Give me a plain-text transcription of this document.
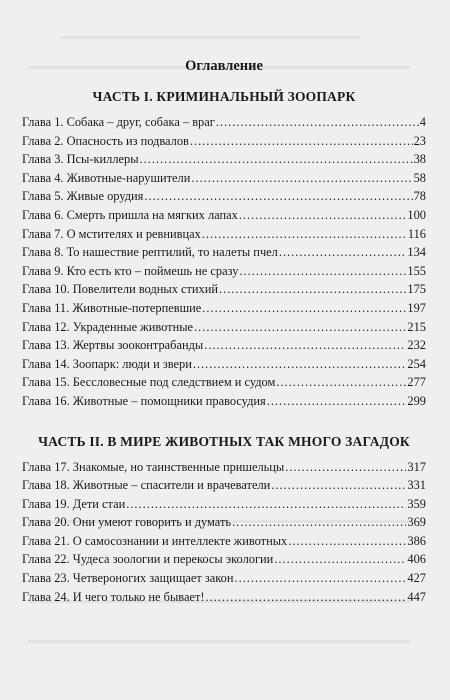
Оглавление
ЧАСТЬ I. КРИМИНАЛЬНЫЙ ЗООПАРК
Глава 1. Собака – друг, собака – враг .....	4
Глава 2. Опасность из подвалов .....	23
Глава 3. Псы-киллеры .....	38
Глава 4. Животные-нарушители .....	58
Глава 5. Живые орудия .....	78
Глава 6. Смерть пришла на мягких лапах .....	100
Глава 7. О мстителях и ревнивцах .....	116
Глава 8. То нашествие рептилий, то налеты пчел .....	134
Глава 9. Кто есть кто – поймешь не сразу .....	155
Глава 10. Повелители водных стихий .....	175
Глава 11. Животные-потерпевшие .....	197
Глава 12. Украденные животные .....	215
Глава 13. Жертвы зооконтрабанды .....	232
Глава 14. Зоопарк: люди и звери .....	254
Глава 15. Бессловесные под следствием и судом .....	277
Глава 16. Животные – помощники правосудия .....	299
ЧАСТЬ II. В МИРЕ ЖИВОТНЫХ ТАК МНОГО ЗАГАДОК
Глава 17. Знакомые, но таинственные пришельцы .....	317
Глава 18. Животные – спасители и врачеватели .....	331
Глава 19. Дети стаи .....	359
Глава 20. Они умеют говорить и думать .....	369
Глава 21. О самосознании и интеллекте животных .....	386
Глава 22. Чудеса зоологии и перекосы экологии .....	406
Глава 23. Четвероногих защищает закон .....	427
Глава 24. И чего только не бывает! .....	447
